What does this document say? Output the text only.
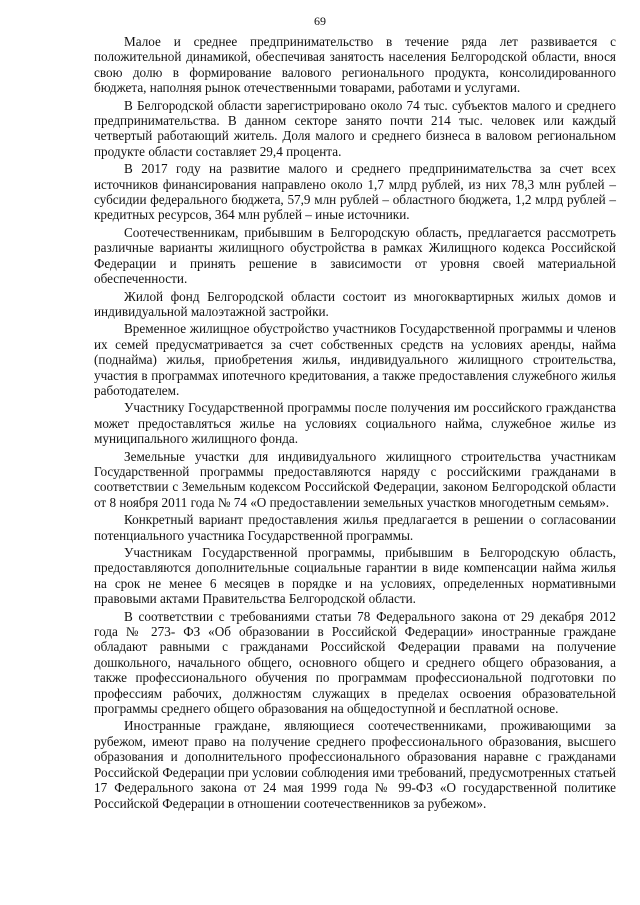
69

Малое и среднее предпринимательство в течение ряда лет развивается с положительной динамикой, обеспечивая занятость населения Белгородской области, внося свою долю в формирование валового регионального продукта, консолидированного бюджета, наполняя рынок отечественными товарами, работами и услугами.

В Белгородской области зарегистрировано около 74 тыс. субъектов малого и среднего предпринимательства. В данном секторе занято почти 214 тыс. человек или каждый четвертый работающий житель. Доля малого и среднего бизнеса в валовом региональном продукте области составляет 29,4 процента.

В 2017 году на развитие малого и среднего предпринимательства за счет всех источников финансирования направлено около 1,7 млрд рублей, из них 78,3 млн рублей – субсидии федерального бюджета, 57,9 млн рублей – областного бюджета, 1,2 млрд рублей – кредитных ресурсов, 364 млн рублей – иные источники.

Соотечественникам, прибывшим в Белгородскую область, предлагается рассмотреть различные варианты жилищного обустройства в рамках Жилищного кодекса Российской Федерации и принять решение в зависимости от уровня своей материальной обеспеченности.

Жилой фонд Белгородской области состоит из многоквартирных жилых домов и индивидуальной малоэтажной застройки.

Временное жилищное обустройство участников Государственной программы и членов их семей предусматривается за счет собственных средств на условиях аренды, найма (поднайма) жилья, приобретения жилья, индивидуального жилищного строительства, участия в программах ипотечного кредитования, а также предоставления служебного жилья работодателем.

Участнику Государственной программы после получения им российского гражданства может предоставляться жилье на условиях социального найма, служебное жилье из муниципального жилищного фонда.

Земельные участки для индивидуального жилищного строительства участникам Государственной программы предоставляются наряду с российскими гражданами в соответствии с Земельным кодексом Российской Федерации, законом Белгородской области от 8 ноября 2011 года № 74 «О предоставлении земельных участков многодетным семьям».

Конкретный вариант предоставления жилья предлагается в решении о согласовании потенциального участника Государственной программы.

Участникам Государственной программы, прибывшим в Белгородскую область, предоставляются дополнительные социальные гарантии в виде компенсации найма жилья на срок не менее 6 месяцев в порядке и на условиях, определенных нормативными правовыми актами Правительства Белгородской области.

В соответствии с требованиями статьи 78 Федерального закона от 29 декабря 2012 года № 273- ФЗ «Об образовании в Российской Федерации» иностранные граждане обладают равными с гражданами Российской Федерации правами на получение дошкольного, начального общего, основного общего и среднего общего образования, а также профессионального обучения по программам профессиональной подготовки по профессиям рабочих, должностям служащих в пределах освоения образовательной программы среднего общего образования на общедоступной и бесплатной основе.

Иностранные граждане, являющиеся соотечественниками, проживающими за рубежом, имеют право на получение среднего профессионального образования, высшего образования и дополнительного профессионального образования наравне с гражданами Российской Федерации при условии соблюдения ими требований, предусмотренных статьей 17 Федерального закона от 24 мая 1999 года № 99-ФЗ «О государственной политике Российской Федерации в отношении соотечественников за рубежом».
